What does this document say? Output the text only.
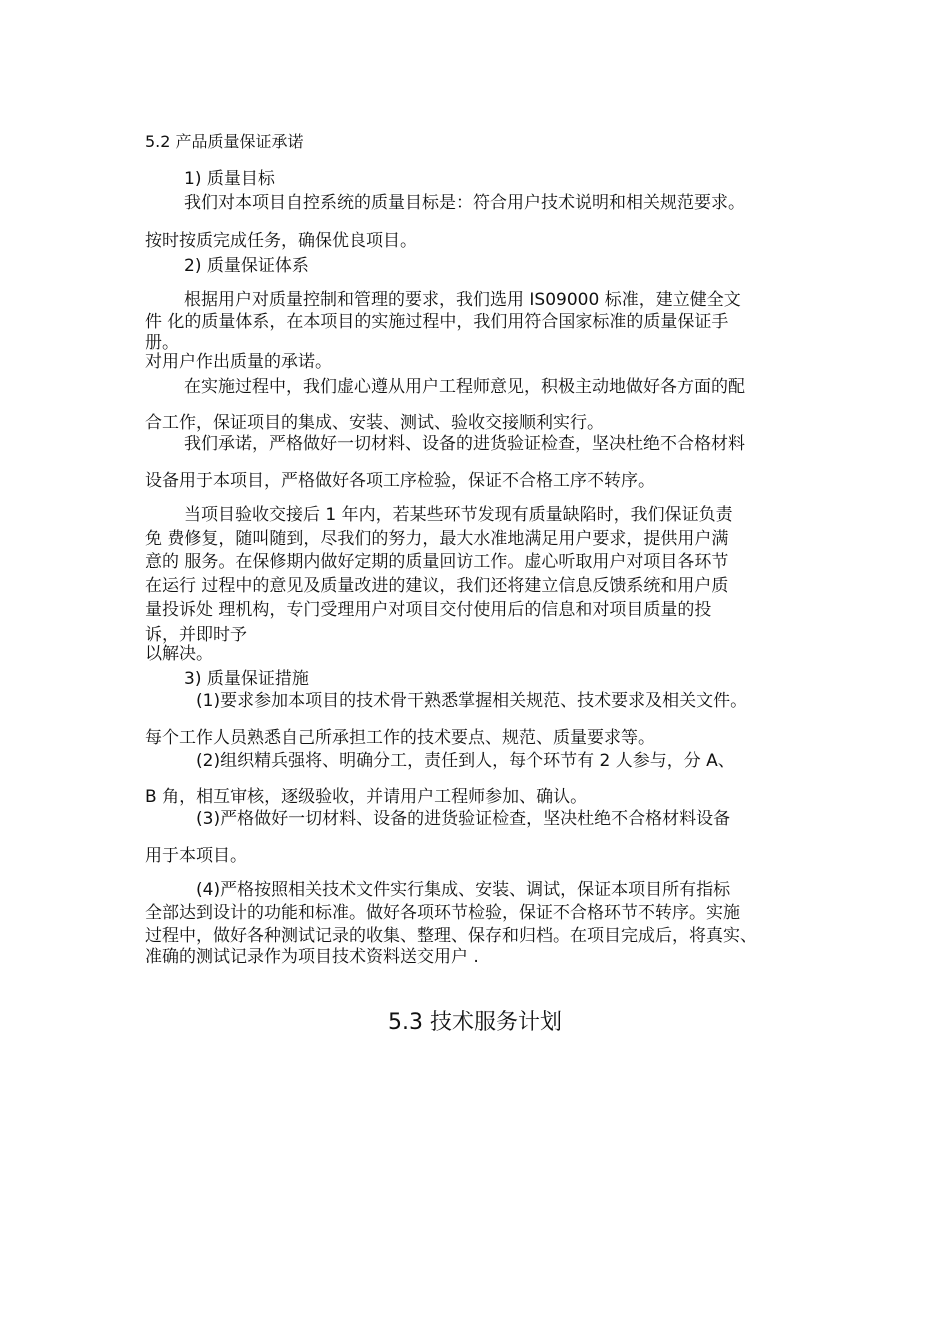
5.2 产品质量保证承诺
1) 质量目标
我们对本项目自控系统的质量目标是：符合用户技术说明和相关规范要求。
按时按质完成任务，确保优良项目。
2) 质量保证体系
根据用户对质量控制和管理的要求，我们选用 IS09000 标准，建立健全文
件 化的质量体系，在本项目的实施过程中，我们用符合国家标准的质量保证手
册。
对用户作出质量的承诺。
在实施过程中，我们虚心遵从用户工程师意见，积极主动地做好各方面的配
合工作，保证项目的集成、安装、测试、验收交接顺利实行。
我们承诺，严格做好一切材料、设备的进货验证检查，坚决杜绝不合格材料
设备用于本项目，严格做好各项工序检验，保证不合格工序不转序。
当项目验收交接后 1 年内，若某些环节发现有质量缺陷时，我们保证负责
免 费修复，随叫随到，尽我们的努力，最大水准地满足用户要求，提供用户满
意的 服务。在保修期内做好定期的质量回访工作。虚心听取用户对项目各环节
在运行 过程中的意见及质量改进的建议，我们还将建立信息反馈系统和用户质
量投诉处 理机构，专门受理用户对项目交付使用后的信息和对项目质量的投
诉，并即时予
以解决。
3) 质量保证措施
(1)要求参加本项目的技术骨干熟悉掌握相关规范、技术要求及相关文件。
每个工作人员熟悉自己所承担工作的技术要点、规范、质量要求等。
(2)组织精兵强将、明确分工，责任到人，每个环节有 2 人参与，分 A、
B 角，相互审核，逐级验收，并请用户工程师参加、确认。
(3)严格做好一切材料、设备的进货验证检查，坚决杜绝不合格材料设备
用于本项目。
(4)严格按照相关技术文件实行集成、安装、调试，保证本项目所有指标
全部达到设计的功能和标准。做好各项环节检验，保证不合格环节不转序。实施
过程中，做好各种测试记录的收集、整理、保存和归档。在项目完成后，将真实、
准确的测试记录作为项目技术资料送交用户 .
5.3 技术服务计划
